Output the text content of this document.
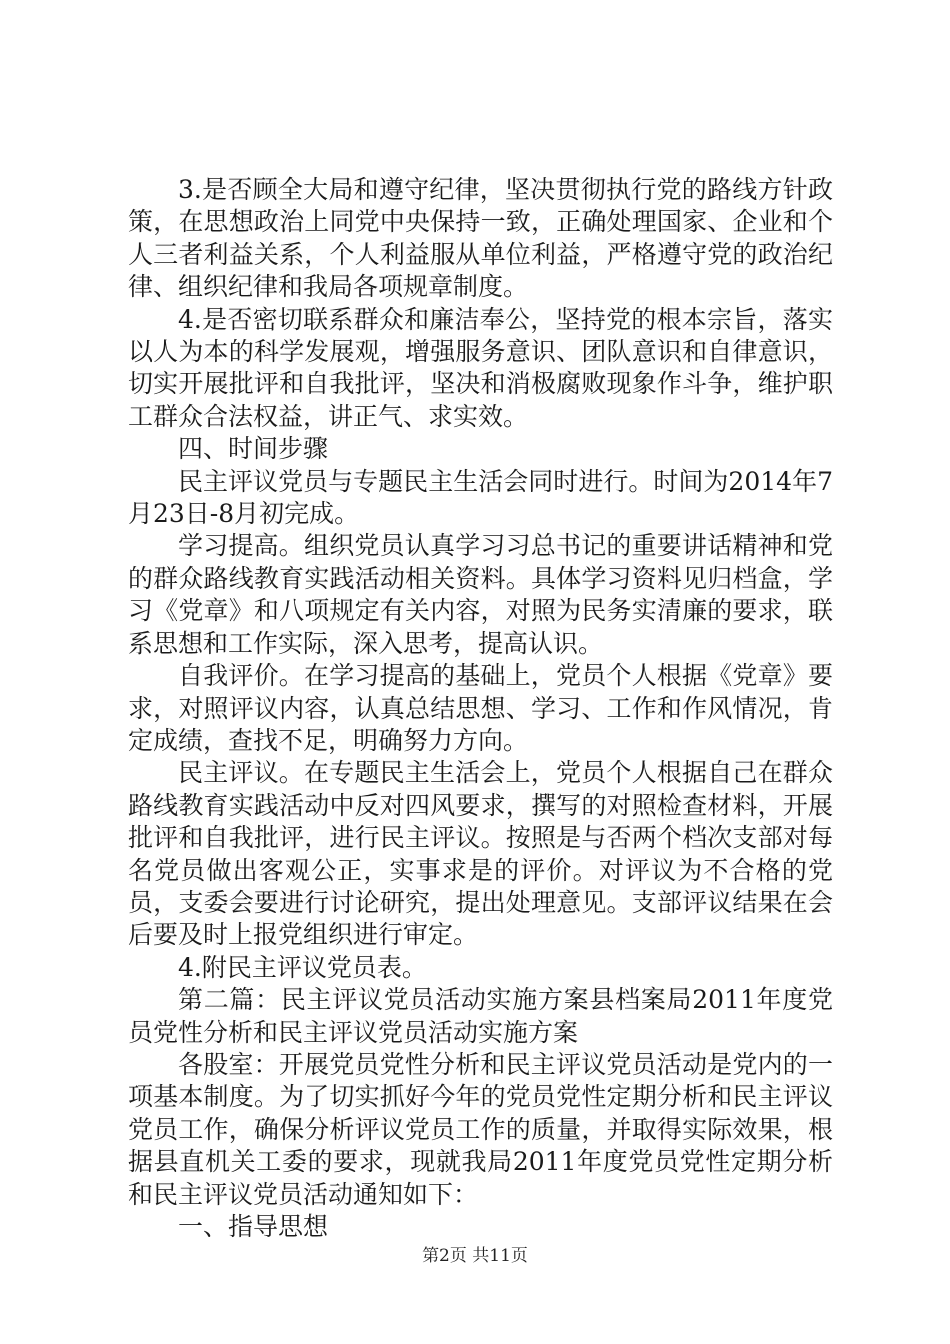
3.是否顾全大局和遵守纪律，坚决贯彻执行党的路线方针政策，在思想政治上同党中央保持一致，正确处理国家、企业和个人三者利益关系，个人利益服从单位利益，严格遵守党的政治纪律、组织纪律和我局各项规章制度。

4.是否密切联系群众和廉洁奉公，坚持党的根本宗旨，落实以人为本的科学发展观，增强服务意识、团队意识和自律意识，切实开展批评和自我批评，坚决和消极腐败现象作斗争，维护职工群众合法权益，讲正气、求实效。

四、时间步骤

民主评议党员与专题民主生活会同时进行。时间为2014年7月23日-8月初完成。

学习提高。组织党员认真学习习总书记的重要讲话精神和党的群众路线教育实践活动相关资料。具体学习资料见归档盒，学习《党章》和八项规定有关内容，对照为民务实清廉的要求，联系思想和工作实际，深入思考，提高认识。

自我评价。在学习提高的基础上，党员个人根据《党章》要求，对照评议内容，认真总结思想、学习、工作和作风情况，肯定成绩，查找不足，明确努力方向。

民主评议。在专题民主生活会上，党员个人根据自己在群众路线教育实践活动中反对四风要求，撰写的对照检查材料，开展批评和自我批评，进行民主评议。按照是与否两个档次支部对每名党员做出客观公正，实事求是的评价。对评议为不合格的党员，支委会要进行讨论研究，提出处理意见。支部评议结果在会后要及时上报党组织进行审定。

4.附民主评议党员表。

第二篇：民主评议党员活动实施方案县档案局2011年度党员党性分析和民主评议党员活动实施方案

各股室：开展党员党性分析和民主评议党员活动是党内的一项基本制度。为了切实抓好今年的党员党性定期分析和民主评议党员工作，确保分析评议党员工作的质量，并取得实际效果，根据县直机关工委的要求，现就我局2011年度党员党性定期分析和民主评议党员活动通知如下：

一、指导思想

第2页 共11页
